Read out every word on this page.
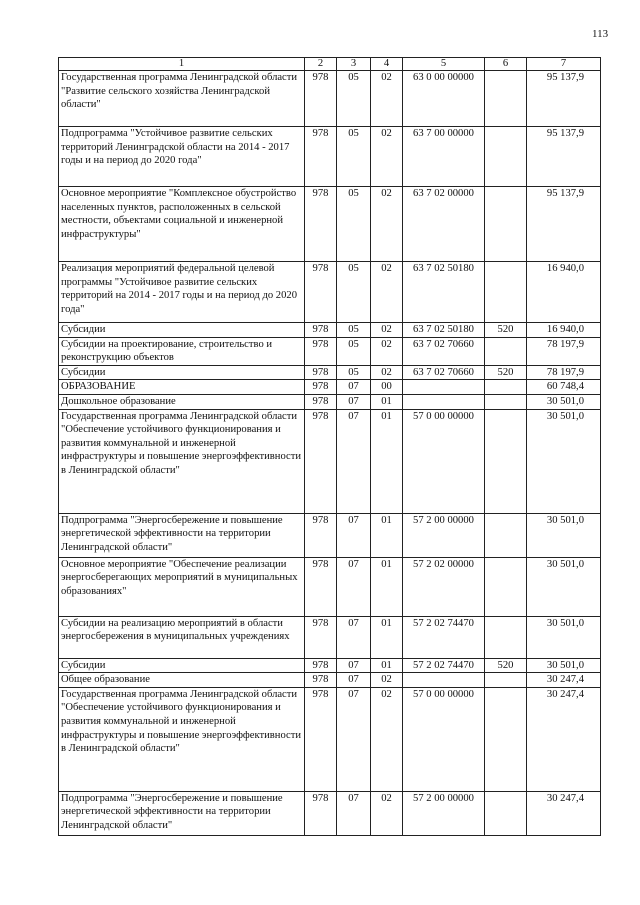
113
1	2	3	4	5	6	7
Государственная программа Ленинградской области "Развитие сельского хозяйства Ленинградской области"	978	05	02	63 0 00 00000		95 137,9
Подпрограмма "Устойчивое развитие сельских территорий Ленинградской области на 2014 - 2017 годы и на период до 2020 года"	978	05	02	63 7 00 00000		95 137,9
Основное мероприятие "Комплексное обустройство населенных пунктов, расположенных в сельской местности, объектами социальной и инженерной инфраструктуры"	978	05	02	63 7 02 00000		95 137,9
Реализация мероприятий федеральной целевой программы "Устойчивое развитие сельских территорий на 2014 - 2017 годы и на период до 2020 года"	978	05	02	63 7 02 50180		16 940,0
Субсидии	978	05	02	63 7 02 50180	520	16 940,0
Субсидии на проектирование, строительство и реконструкцию объектов	978	05	02	63 7 02 70660		78 197,9
Субсидии	978	05	02	63 7 02 70660	520	78 197,9
ОБРАЗОВАНИЕ	978	07	00			60 748,4
Дошкольное образование	978	07	01			30 501,0
Государственная программа Ленинградской области "Обеспечение устойчивого функционирования и развития коммунальной и инженерной инфраструктуры и повышение энергоэффективности в Ленинградской области"	978	07	01	57 0 00 00000		30 501,0
Подпрограмма "Энергосбережение и повышение энергетической эффективности на территории Ленинградской области"	978	07	01	57 2 00 00000		30 501,0
Основное мероприятие "Обеспечение реализации энергосберегающих мероприятий в муниципальных образованиях"	978	07	01	57 2 02 00000		30 501,0
Субсидии на реализацию мероприятий в области энергосбережения в муниципальных учреждениях	978	07	01	57 2 02 74470		30 501,0
Субсидии	978	07	01	57 2 02 74470	520	30 501,0
Общее образование	978	07	02			30 247,4
Государственная программа Ленинградской области "Обеспечение устойчивого функционирования и развития коммунальной и инженерной инфраструктуры и повышение энергоэффективности в Ленинградской области"	978	07	02	57 0 00 00000		30 247,4
Подпрограмма "Энергосбережение и повышение энергетической эффективности на территории Ленинградской области"	978	07	02	57 2 00 00000		30 247,4
